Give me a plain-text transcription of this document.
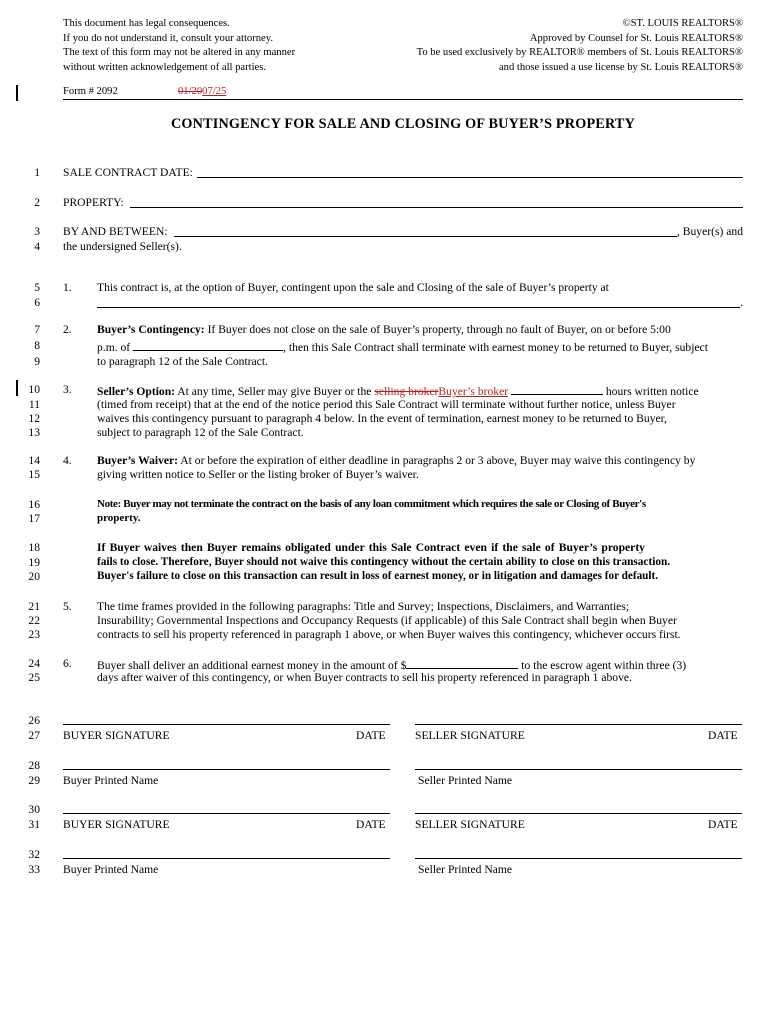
This document has legal consequences.
If you do not understand it, consult your attorney.
The text of this form may not be altered in any manner
without written acknowledgement of all parties.
©ST. LOUIS REALTORS®
Approved by Counsel for St. Louis REALTORS®
To be used exclusively by REALTOR® members of St. Louis REALTORS®
and those issued a use license by St. Louis REALTORS®
Form # 2092	01/2007/25
CONTINGENCY FOR SALE AND CLOSING OF BUYER’S PROPERTY
1
2
3
4
5
6
7
8
9
10
11
12
13
14
15
16
17
18
19
20
21
22
23
24
25
26
27
28
29
30
31
32
33
SALE CONTRACT DATE:
PROPERTY:
BY AND BETWEEN:	, Buyer(s) and
the undersigned Seller(s).
1. This contract is, at the option of Buyer, contingent upon the sale and Closing of the sale of Buyer’s property at
.
2. Buyer’s Contingency: If Buyer does not close on the sale of Buyer’s property, through no fault of Buyer, on or before 5:00
p.m. of	, then this Sale Contract shall terminate with earnest money to be returned to Buyer, subject
to paragraph 12 of the Sale Contract.
3. Seller’s Option: At any time, Seller may give Buyer or the selling brokerBuyer’s broker	hours written notice
(timed from receipt) that at the end of the notice period this Sale Contract will terminate without further notice, unless Buyer
waives this contingency pursuant to paragraph 4 below. In the event of termination, earnest money to be returned to Buyer,
subject to paragraph 12 of the Sale Contract.
4. Buyer’s Waiver: At or before the expiration of either deadline in paragraphs 2 or 3 above, Buyer may waive this contingency by
giving written notice to Seller or the listing broker of Buyer’s waiver.
Note: Buyer may not terminate the contract on the basis of any loan commitment which requires the sale or Closing of Buyer's
property.
If Buyer waives then Buyer remains obligated under this Sale Contract even if the sale of Buyer’s property
fails to close. Therefore, Buyer should not waive this contingency without the certain ability to close on this transaction.
Buyer's failure to close on this transaction can result in loss of earnest money, or in litigation and damages for default.
5. The time frames provided in the following paragraphs: Title and Survey; Inspections, Disclaimers, and Warranties;
Insurability; Governmental Inspections and Occupancy Requests (if applicable) of this Sale Contract shall begin when Buyer
contracts to sell his property referenced in paragraph 1 above, or when Buyer waives this contingency, whichever occurs first.
6. Buyer shall deliver an additional earnest money in the amount of $	to the escrow agent within three (3)
days after waiver of this contingency, or when Buyer contracts to sell his property referenced in paragraph 1 above.
BUYER SIGNATURE	DATE	SELLER SIGNATURE	DATE
Buyer Printed Name	Seller Printed Name
BUYER SIGNATURE	DATE	SELLER SIGNATURE	DATE
Buyer Printed Name	Seller Printed Name
